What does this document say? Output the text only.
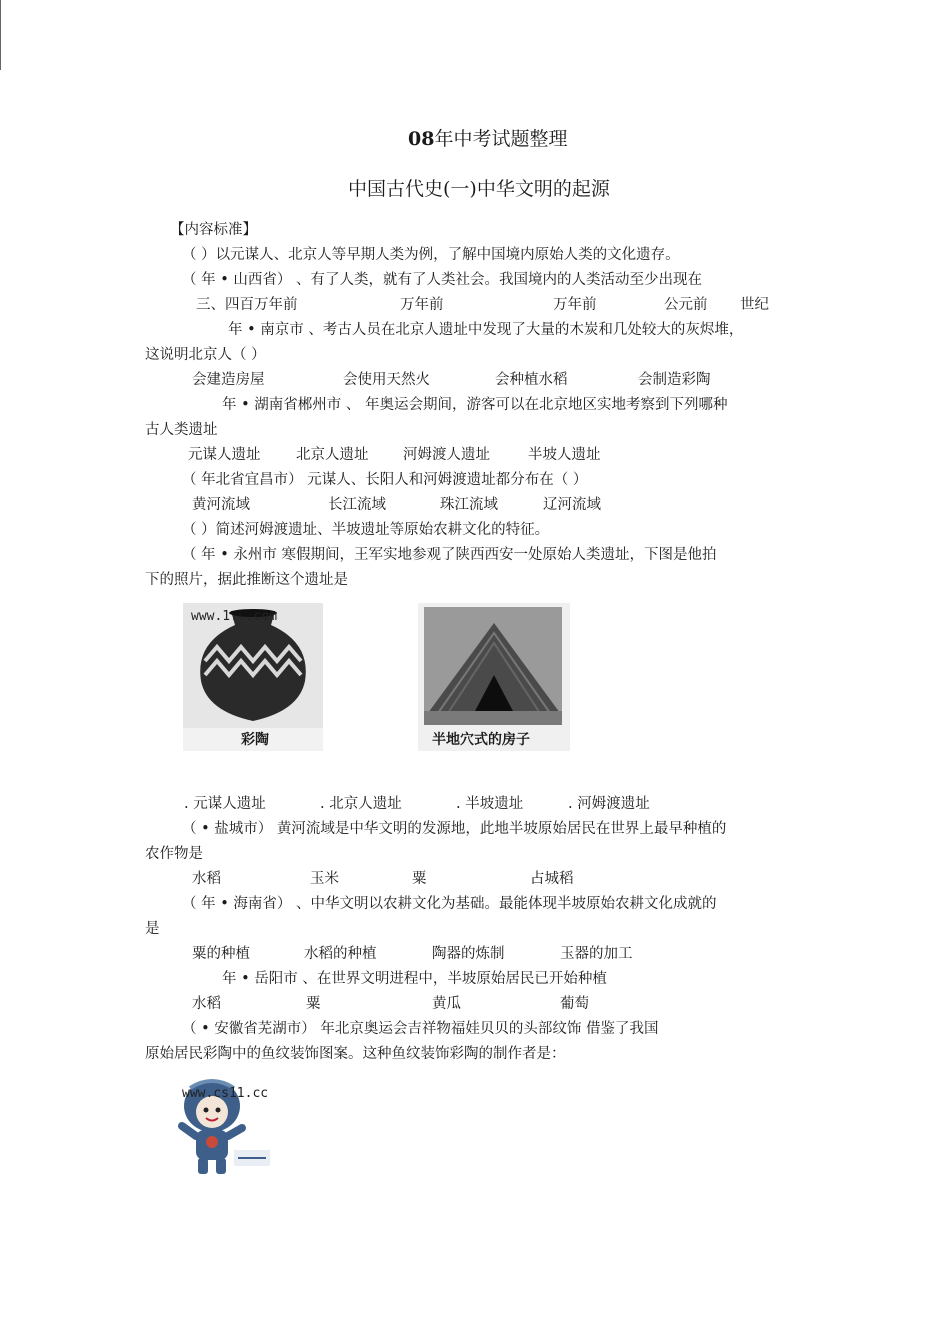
08年中考试题整理
中国古代史(一)中华文明的起源
【内容标准】
（ ）以元谋人、北京人等早期人类为例，了解中国境内原始人类的文化遗存。
（ 年 • 山西省） 、有了人类，就有了人类社会。我国境内的人类活动至少出现在
三、四百万年前	万年前	万年前	公元前 世纪
年 • 南京市 、考古人员在北京人遗址中发现了大量的木炭和几处较大的灰烬堆，
这说明北京人（ ）
会建造房屋	会使用天然火	会种植水稻	会制造彩陶
年 • 湖南省郴州市 、 年奥运会期间，游客可以在北京地区实地考察到下列哪种
古人类遗址
元谋人遗址 北京人遗址 河姆渡人遗址	半坡人遗址
（ 年北省宜昌市） 元谋人、长阳人和河姆渡遗址都分布在（ ）
黄河流域	长江流域	珠江流域	辽河流域
（ ）简述河姆渡遗址、半坡遗址等原始农耕文化的特征。
（ 年 • 永州市 寒假期间，王军实地参观了陕西西安一处原始人类遗址，下图是他拍
下的照片，据此推断这个遗址是
www.1...com
彩陶	半地穴式的房子
. 元谋人遗址	. 北京人遗址	. 半坡遗址	. 河姆渡遗址
（ • 盐城市） 黄河流域是中华文明的发源地，此地半坡原始居民在世界上最早种植的
农作物是
水稻	玉米	粟	占城稻
（ 年 • 海南省） 、中华文明以农耕文化为基础。最能体现半坡原始农耕文化成就的
是
粟的种植	水稻的种植	陶器的炼制	玉器的加工
年 • 岳阳市 、在世界文明进程中，半坡原始居民已开始种植
水稻	粟	黄瓜	葡萄
（ • 安徽省芜湖市） 年北京奥运会吉祥物福娃贝贝的头部纹饰 借鉴了我国
原始居民彩陶中的鱼纹装饰图案。这种鱼纹装饰彩陶的制作者是：
www.cs11.cc
